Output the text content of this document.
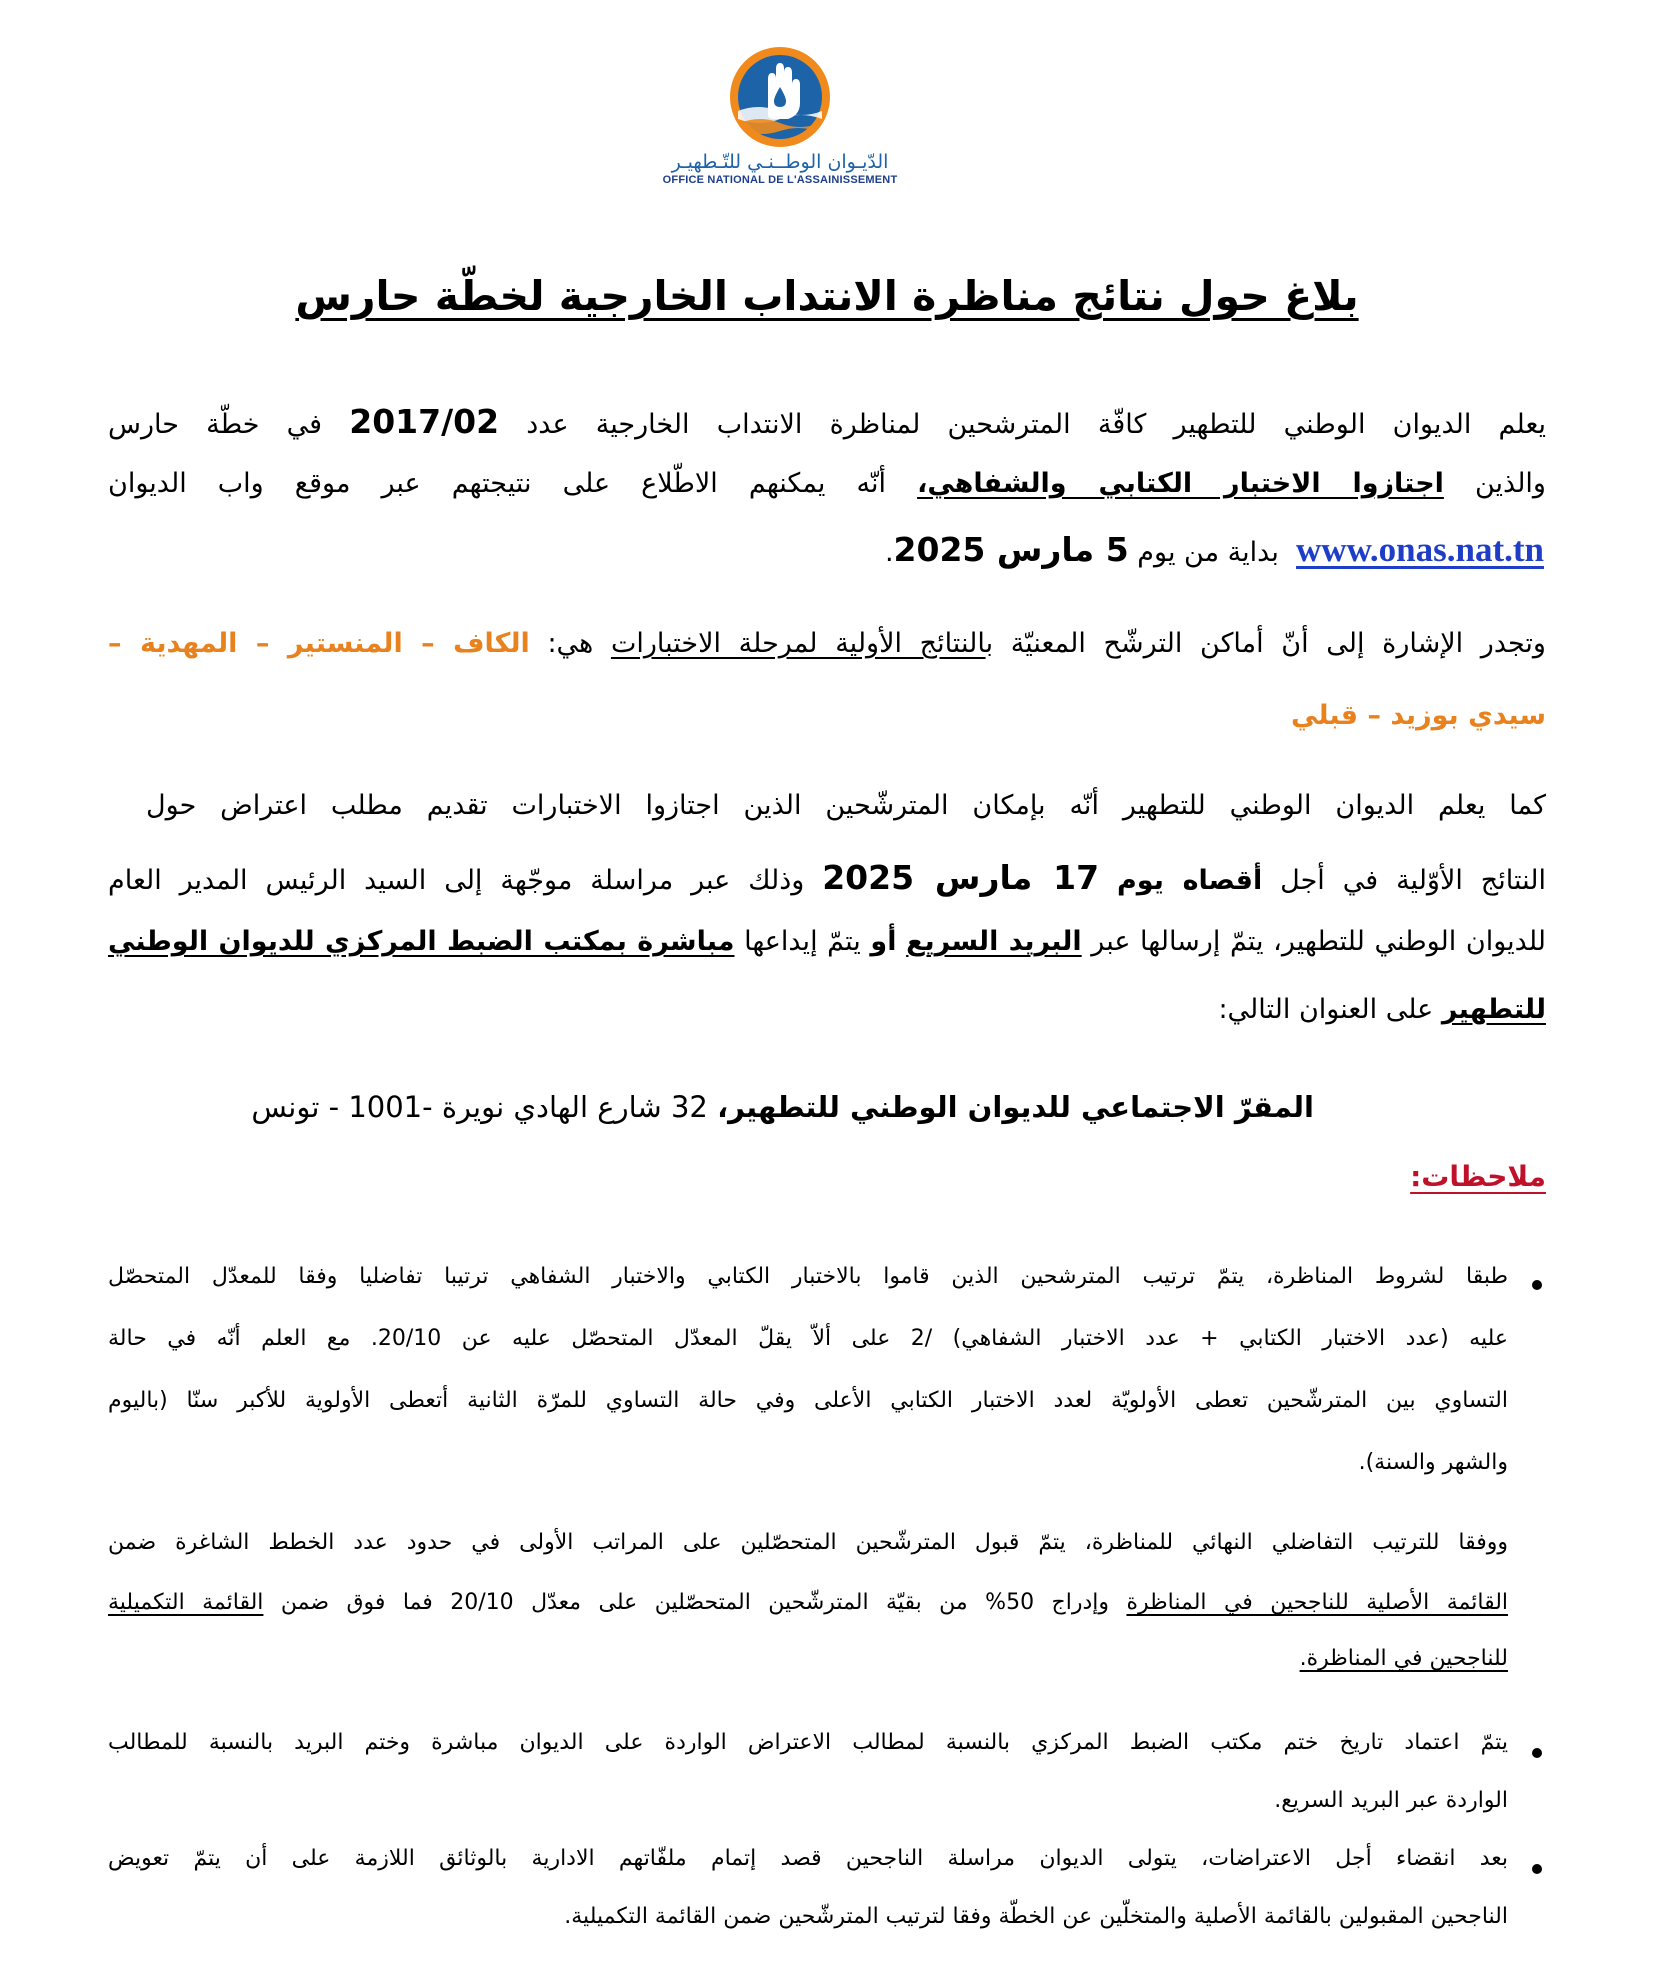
الدّيـوان الوطــنـي للتّـطهيـر
OFFICE NATIONAL DE L'ASSAINISSEMENT
بلاغ حول نتائج مناظرة الانتداب الخارجية لخطّة حارس
يعلم الديوان الوطني للتطهير كافّة المترشحين لمناظرة الانتداب الخارجية عدد 2017/02 في خطّة حارس
والذين اجتازوا الاختبار الكتابي والشفاهي، أنّه يمكنهم الاطّلاع على نتيجتهم عبر موقع واب الديوان
www.onas.nat.tn  بداية من يوم 5 مارس 2025.
وتجدر الإشارة إلى أنّ أماكن الترشّح المعنيّة بالنتائج الأولية لمرحلة الاختبارات هي: الكاف – المنستير – المهدية –
سيدي بوزيد – قبلي
كما يعلم الديوان الوطني للتطهير أنّه بإمكان المترشّحين الذين اجتازوا الاختبارات تقديم مطلب اعتراض حول
النتائج الأوّلية في أجل أقصاه يوم 17 مارس 2025 وذلك عبر مراسلة موجّهة إلى السيد الرئيس المدير العام
للديوان الوطني للتطهير، يتمّ إرسالها عبر البريد السريع أو يتمّ إيداعها مباشرة بمكتب الضبط المركزي للديوان الوطني
للتطهير على العنوان التالي:
المقرّ الاجتماعي للديوان الوطني للتطهير، 32 شارع الهادي نويرة -1001 - تونس
ملاحظات:
طبقا لشروط المناظرة، يتمّ ترتيب المترشحين الذين قاموا بالاختبار الكتابي والاختبار الشفاهي ترتيبا تفاضليا وفقا للمعدّل المتحصّل
عليه (عدد الاختبار الكتابي + عدد الاختبار الشفاهي) /2 على ألاّ يقلّ المعدّل المتحصّل عليه عن 20/10. مع العلم أنّه في حالة
التساوي بين المترشّحين تعطى الأولويّة لعدد الاختبار الكتابي الأعلى وفي حالة التساوي للمرّة الثانية أتعطى الأولوية للأكبر سنّا (باليوم
والشهر والسنة).
ووفقا للترتيب التفاضلي النهائي للمناظرة، يتمّ قبول المترشّحين المتحصّلين على المراتب الأولى في حدود عدد الخطط الشاغرة ضمن
القائمة الأصلية للناجحين في المناظرة وإدراج 50% من بقيّة المترشّحين المتحصّلين على معدّل 20/10 فما فوق ضمن القائمة التكميلية
للناجحين في المناظرة.
يتمّ اعتماد تاريخ ختم مكتب الضبط المركزي بالنسبة لمطالب الاعتراض الواردة على الديوان مباشرة وختم البريد بالنسبة للمطالب
الواردة عبر البريد السريع.
بعد انقضاء أجل الاعتراضات، يتولى الديوان مراسلة الناجحين قصد إتمام ملفّاتهم الادارية بالوثائق اللازمة على أن يتمّ تعويض
الناجحين المقبولين بالقائمة الأصلية والمتخلّين عن الخطّة وفقا لترتيب المترشّحين ضمن القائمة التكميلية.
